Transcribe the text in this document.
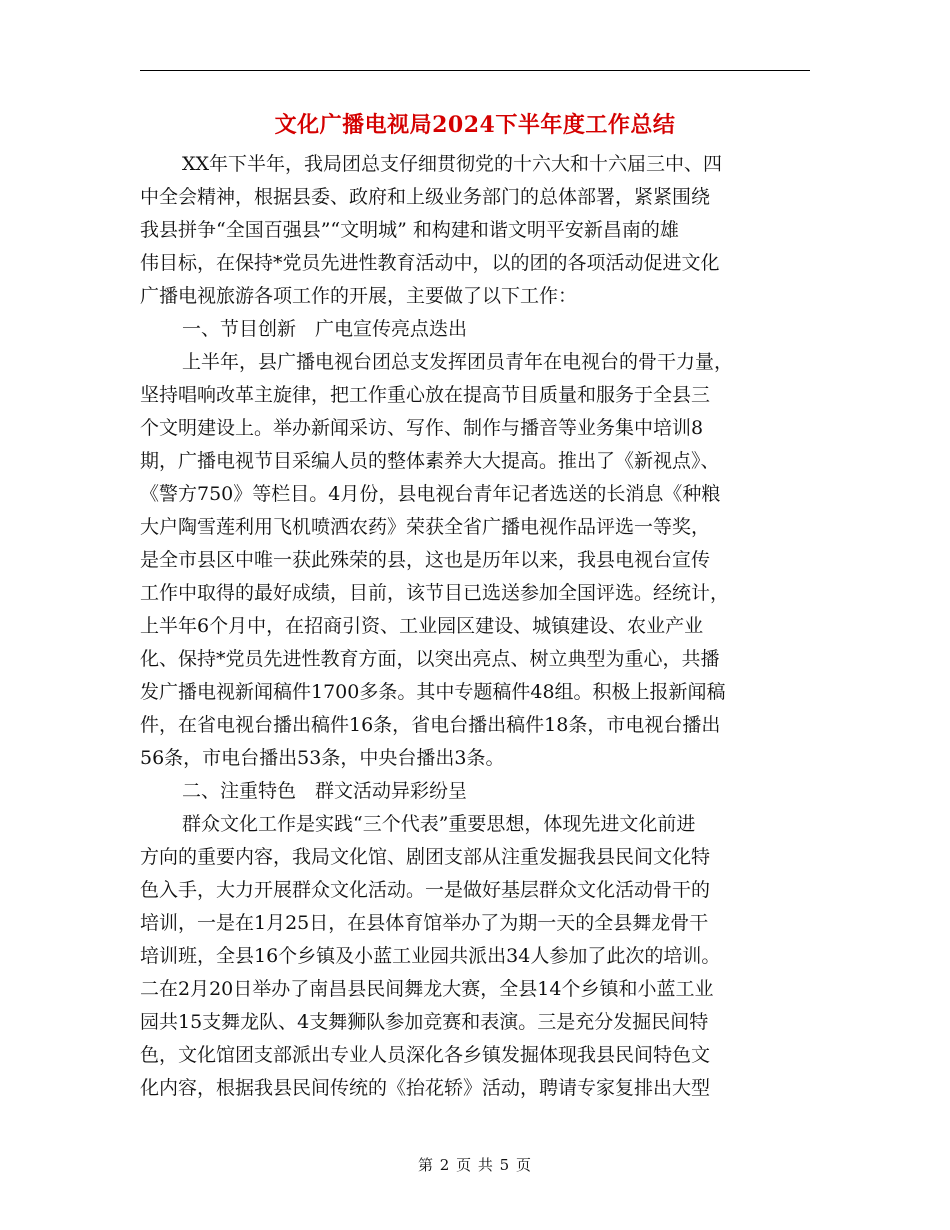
文化广播电视局2024下半年度工作总结
XX年下半年，我局团总支仔细贯彻党的十六大和十六届三中、四
中全会精神，根据县委、政府和上级业务部门的总体部署，紧紧围绕
我县拼争“全国百强县”“文明城” 和构建和谐文明平安新昌南的雄
伟目标，在保持*党员先进性教育活动中，以的团的各项活动促进文化
广播电视旅游各项工作的开展，主要做了以下工作：
一、节目创新　广电宣传亮点迭出
上半年，县广播电视台团总支发挥团员青年在电视台的骨干力量，
坚持唱响改革主旋律，把工作重心放在提高节目质量和服务于全县三
个文明建设上。举办新闻采访、写作、制作与播音等业务集中培训8
期，广播电视节目采编人员的整体素养大大提高。推出了《新视点》、
《警方750》等栏目。4月份，县电视台青年记者选送的长消息《种粮
大户陶雪莲利用飞机喷洒农药》荣获全省广播电视作品评选一等奖，
是全市县区中唯一获此殊荣的县，这也是历年以来，我县电视台宣传
工作中取得的最好成绩，目前，该节目已选送参加全国评选。经统计，
上半年6个月中，在招商引资、工业园区建设、城镇建设、农业产业
化、保持*党员先进性教育方面，以突出亮点、树立典型为重心，共播
发广播电视新闻稿件1700多条。其中专题稿件48组。积极上报新闻稿
件，在省电视台播出稿件16条，省电台播出稿件18条，市电视台播出
56条，市电台播出53条，中央台播出3条。
二、注重特色　群文活动异彩纷呈
群众文化工作是实践“三个代表”重要思想，体现先进文化前进
方向的重要内容，我局文化馆、剧团支部从注重发掘我县民间文化特
色入手，大力开展群众文化活动。一是做好基层群众文化活动骨干的
培训，一是在1月25日，在县体育馆举办了为期一天的全县舞龙骨干
培训班，全县16个乡镇及小蓝工业园共派出34人参加了此次的培训。
二在2月20日举办了南昌县民间舞龙大赛，全县14个乡镇和小蓝工业
园共15支舞龙队、4支舞狮队参加竞赛和表演。三是充分发掘民间特
色，文化馆团支部派出专业人员深化各乡镇发掘体现我县民间特色文
化内容，根据我县民间传统的《抬花轿》活动，聘请专家复排出大型
第 2 页 共 5 页
